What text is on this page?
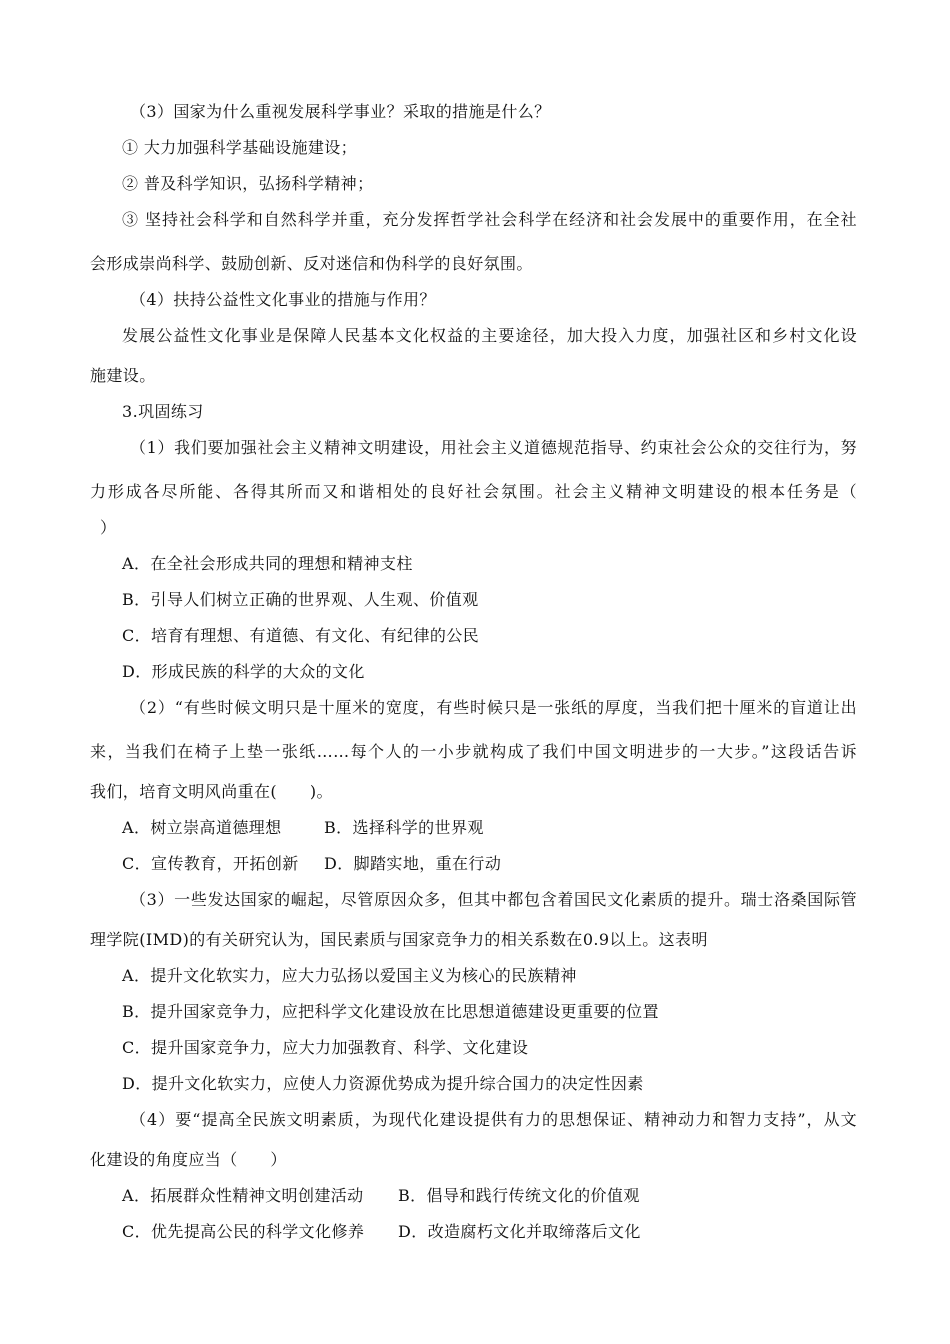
（3）国家为什么重视发展科学事业？采取的措施是什么？
① 大力加强科学基础设施建设；
② 普及科学知识，弘扬科学精神；
③ 坚持社会科学和自然科学并重，充分发挥哲学社会科学在经济和社会发展中的重要作用，在全社
会形成崇尚科学、鼓励创新、反对迷信和伪科学的良好氛围。
（4）扶持公益性文化事业的措施与作用？
发展公益性文化事业是保障人民基本文化权益的主要途径，加大投入力度，加强社区和乡村文化设
施建设。
3.巩固练习
（1）我们要加强社会主义精神文明建设，用社会主义道德规范指导、约束社会公众的交往行为，努
力形成各尽所能、各得其所而又和谐相处的良好社会氛围。社会主义精神文明建设的根本任务是（
）
A．在全社会形成共同的理想和精神支柱
B．引导人们树立正确的世界观、人生观、价值观
C．培育有理想、有道德、有文化、有纪律的公民
D．形成民族的科学的大众的文化
（2）“有些时候文明只是十厘米的宽度，有些时候只是一张纸的厚度，当我们把十厘米的盲道让出
来，当我们在椅子上垫一张纸……每个人的一小步就构成了我们中国文明进步的一大步。”这段话告诉
我们，培育文明风尚重在(　　)。
A．树立崇高道德理想	B．选择科学的世界观
C．宣传教育，开拓创新 D．脚踏实地，重在行动
（3）一些发达国家的崛起，尽管原因众多，但其中都包含着国民文化素质的提升。瑞士洛桑国际管
理学院(IMD)的有关研究认为，国民素质与国家竞争力的相关系数在0.9以上。这表明
A．提升文化软实力，应大力弘扬以爱国主义为核心的民族精神
B．提升国家竞争力，应把科学文化建设放在比思想道德建设更重要的位置
C．提升国家竞争力，应大力加强教育、科学、文化建设
D．提升文化软实力，应使人力资源优势成为提升综合国力的决定性因素
（4）要“提高全民族文明素质，为现代化建设提供有力的思想保证、精神动力和智力支持”，从文
化建设的角度应当（　　）
A．拓展群众性精神文明创建活动 B．倡导和践行传统文化的价值观
C．优先提高公民的科学文化修养 D．改造腐朽文化并取缔落后文化
